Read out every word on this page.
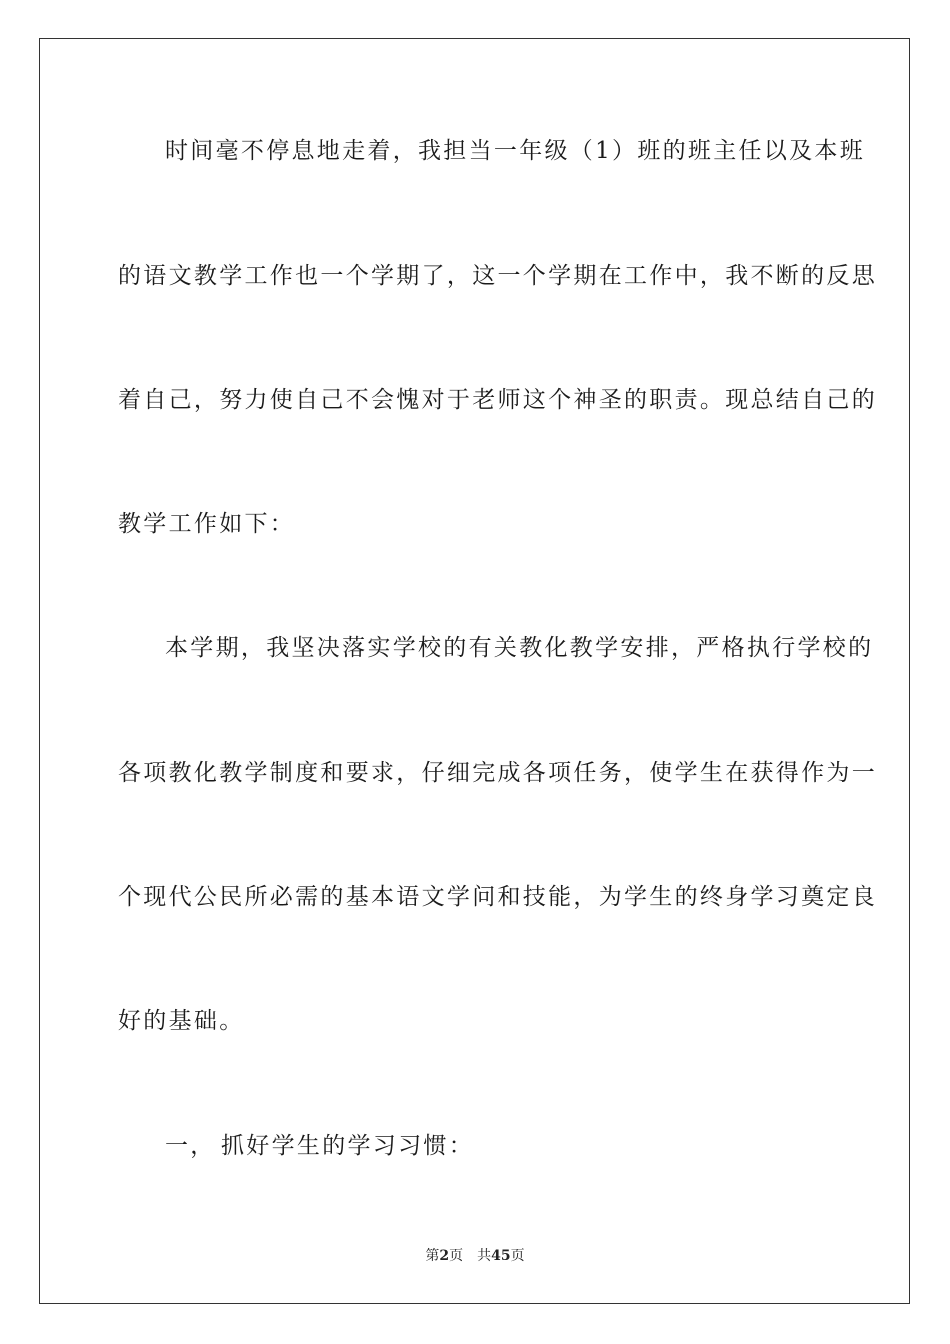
时间毫不停息地走着，我担当一年级（1）班的班主任以及本班
的语文教学工作也一个学期了，这一个学期在工作中，我不断的反思
着自己，努力使自己不会愧对于老师这个神圣的职责。现总结自己的
教学工作如下：
本学期，我坚决落实学校的有关教化教学安排，严格执行学校的
各项教化教学制度和要求，仔细完成各项任务，使学生在获得作为一
个现代公民所必需的基本语文学问和技能，为学生的终身学习奠定良
好的基础。
一， 抓好学生的学习习惯：
第2页 共45页
